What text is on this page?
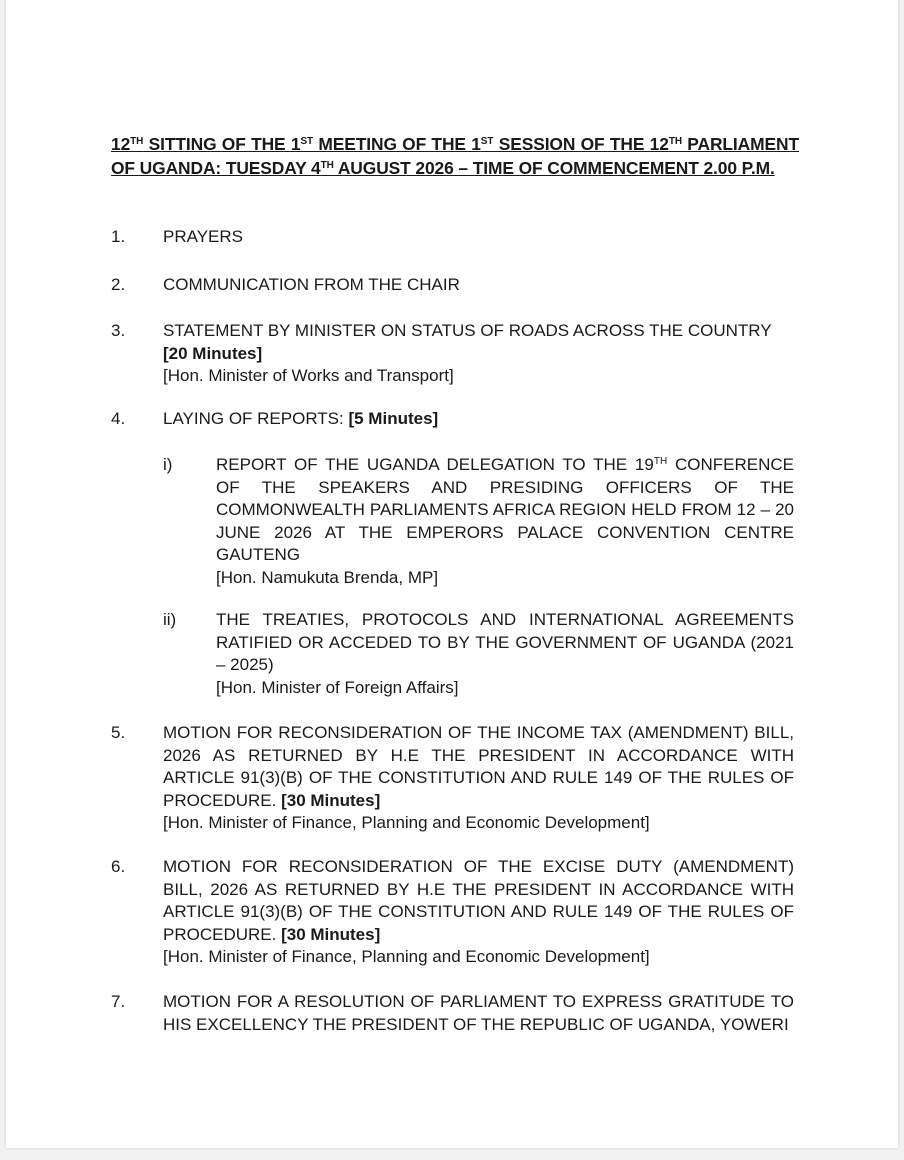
12TH SITTING OF THE 1ST MEETING OF THE 1ST SESSION OF THE 12TH PARLIAMENT OF UGANDA: TUESDAY 4TH AUGUST 2026 – TIME OF COMMENCEMENT 2.00 P.M.
1. PRAYERS
2. COMMUNICATION FROM THE CHAIR
3. STATEMENT BY MINISTER ON STATUS OF ROADS ACROSS THE COUNTRY [20 Minutes]
[Hon. Minister of Works and Transport]
4. LAYING OF REPORTS: [5 Minutes]
i)	REPORT OF THE UGANDA DELEGATION TO THE 19TH CONFERENCE OF THE SPEAKERS AND PRESIDING OFFICERS OF THE COMMONWEALTH PARLIAMENTS AFRICA REGION HELD FROM 12 – 20 JUNE 2026 AT THE EMPERORS PALACE CONVENTION CENTRE GAUTENG
[Hon. Namukuta Brenda, MP]
ii) THE TREATIES, PROTOCOLS AND INTERNATIONAL AGREEMENTS RATIFIED OR ACCEDED TO BY THE GOVERNMENT OF UGANDA (2021 – 2025)
[Hon. Minister of Foreign Affairs]
5. MOTION FOR RECONSIDERATION OF THE INCOME TAX (AMENDMENT) BILL, 2026 AS RETURNED BY H.E THE PRESIDENT IN ACCORDANCE WITH ARTICLE 91(3)(B) OF THE CONSTITUTION AND RULE 149 OF THE RULES OF PROCEDURE. [30 Minutes]
[Hon. Minister of Finance, Planning and Economic Development]
6. MOTION FOR RECONSIDERATION OF THE EXCISE DUTY (AMENDMENT) BILL, 2026 AS RETURNED BY H.E THE PRESIDENT IN ACCORDANCE WITH ARTICLE 91(3)(B) OF THE CONSTITUTION AND RULE 149 OF THE RULES OF PROCEDURE. [30 Minutes]
[Hon. Minister of Finance, Planning and Economic Development]
7. MOTION FOR A RESOLUTION OF PARLIAMENT TO EXPRESS GRATITUDE TO HIS EXCELLENCY THE PRESIDENT OF THE REPUBLIC OF UGANDA, YOWERI
